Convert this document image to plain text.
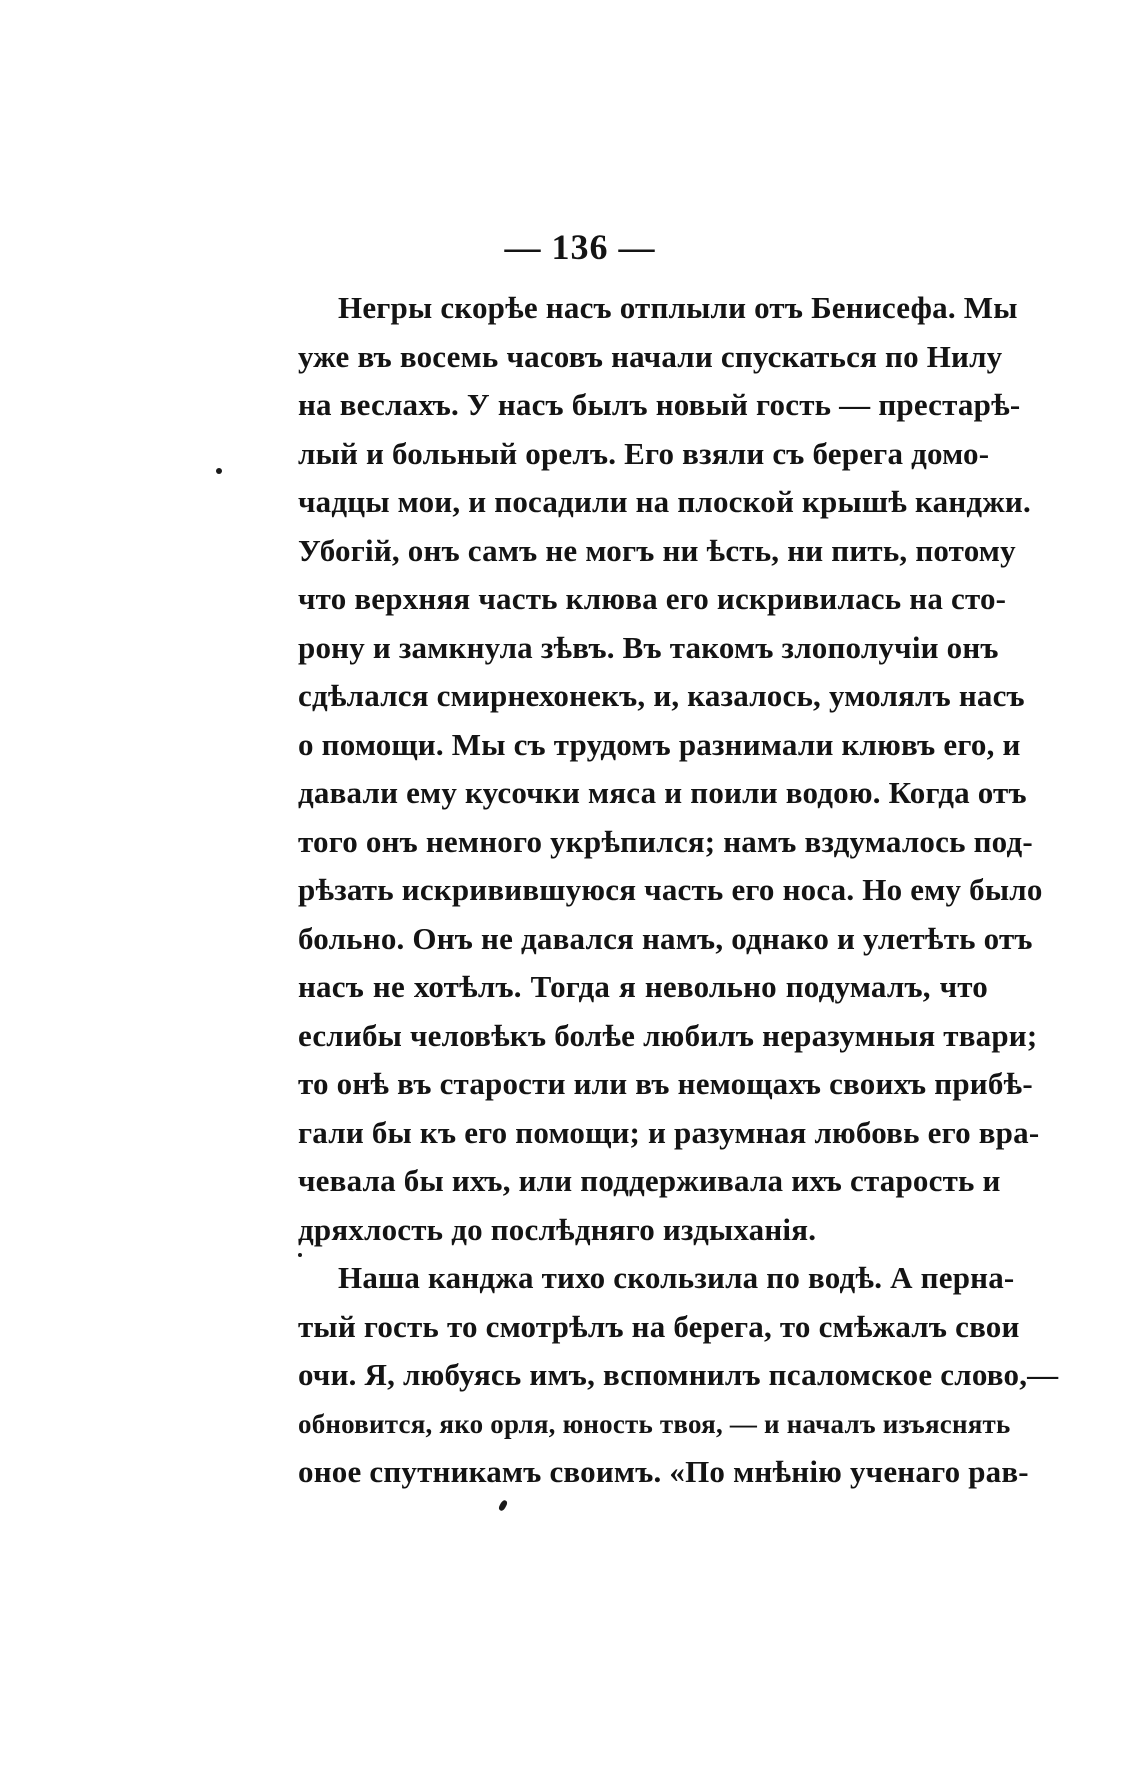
— 136 —
Негры скорѣе насъ отплыли отъ Бенисефа. Мы
уже въ восемь часовъ начали спускаться по Нилу
на веслахъ. У насъ былъ новый гость — престарѣ-
лый и больный орелъ. Его взяли съ берега домо-
чадцы мои, и посадили на плоской крышѣ канджи.
Убогій, онъ самъ не могъ ни ѣсть, ни пить, потому
что верхняя часть клюва его искривилась на сто-
рону и замкнула зѣвъ. Въ такомъ злополучіи онъ
сдѣлался смирнехонекъ, и, казалось, умолялъ насъ
о помощи. Мы съ трудомъ разнимали клювъ его, и
давали ему кусочки мяса и поили водою. Когда отъ
того онъ немного укрѣпился; намъ вздумалось под-
рѣзать искривившуюся часть его носа. Но ему было
больно. Онъ не давался намъ, однако и улетѣть отъ
насъ не хотѣлъ. Тогда я невольно подумалъ, что
еслибы человѣкъ болѣе любилъ неразумныя твари;
то онѣ въ старости или въ немощахъ своихъ прибѣ-
гали бы къ его помощи; и разумная любовь его вра-
чевала бы ихъ, или поддерживала ихъ старость и
дряхлость до послѣдняго издыханія.
Наша канджа тихо скользила по водѣ. А перна-
тый гость то смотрѣлъ на берега, то смѣжалъ свои
очи. Я, любуясь имъ, вспомнилъ псаломское слово,—
обновится, яко орля, юность твоя, — и началъ изъяснять
оное спутникамъ своимъ. «По мнѣнію ученаго рав-
